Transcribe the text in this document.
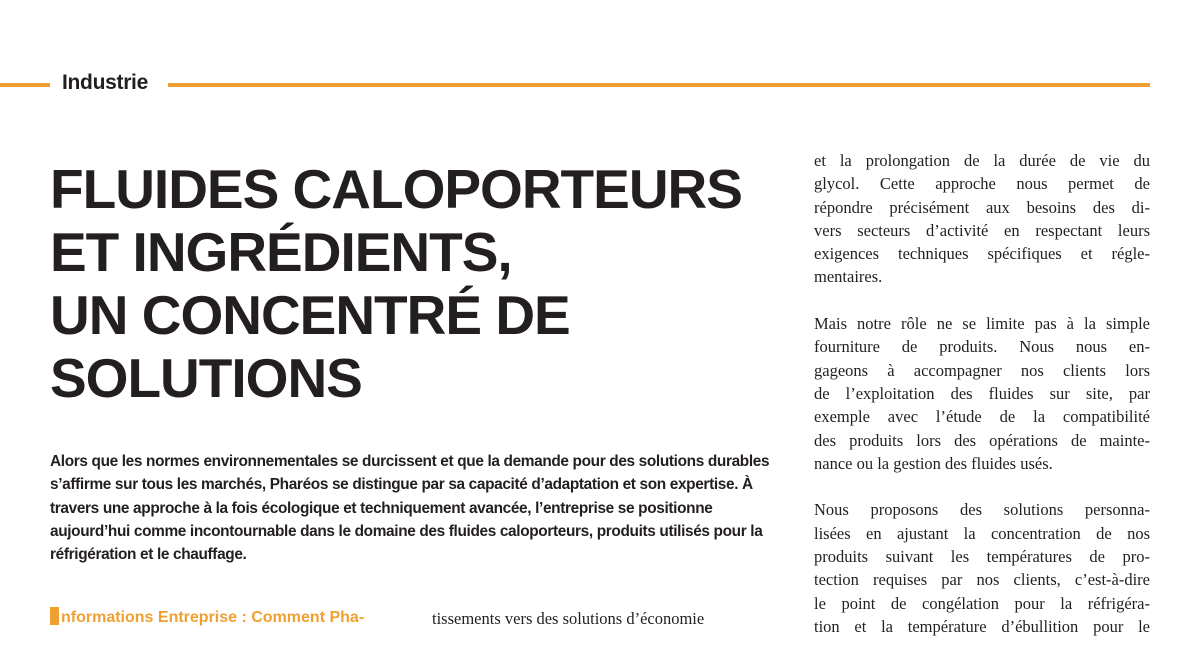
Industrie
FLUIDES CALOPORTEURS
ET INGRÉDIENTS,
UN CONCENTRÉ DE
SOLUTIONS

Alors que les normes environnementales se durcissent et que la demande pour des solutions durables s’affirme sur tous les marchés, Pharéos se distingue par sa capacité d’adaptation et son expertise. À travers une approche à la fois écologique et techniquement avancée, l’entreprise se positionne aujourd’hui comme incontournable dans le domaine des fluides caloporteurs, produits utilisés pour la réfrigération et le chauffage.

nformations Entreprise : Comment Pha-	tissements vers des solutions d’économie

et la prolongation de la durée de vie du
glycol. Cette approche nous permet de
répondre précisément aux besoins des di-
vers secteurs d’activité en respectant leurs
exigences techniques spécifiques et régle-
mentaires.

Mais notre rôle ne se limite pas à la simple
fourniture de produits. Nous nous en-
gageons à accompagner nos clients lors
de l’exploitation des fluides sur site, par
exemple avec l’étude de la compatibilité
des produits lors des opérations de mainte-
nance ou la gestion des fluides usés.

Nous proposons des solutions personna-
lisées en ajustant la concentration de nos
produits suivant les températures de pro-
tection requises par nos clients, c’est-à-dire
le point de congélation pour la réfrigéra-
tion et la température d’ébullition pour le
